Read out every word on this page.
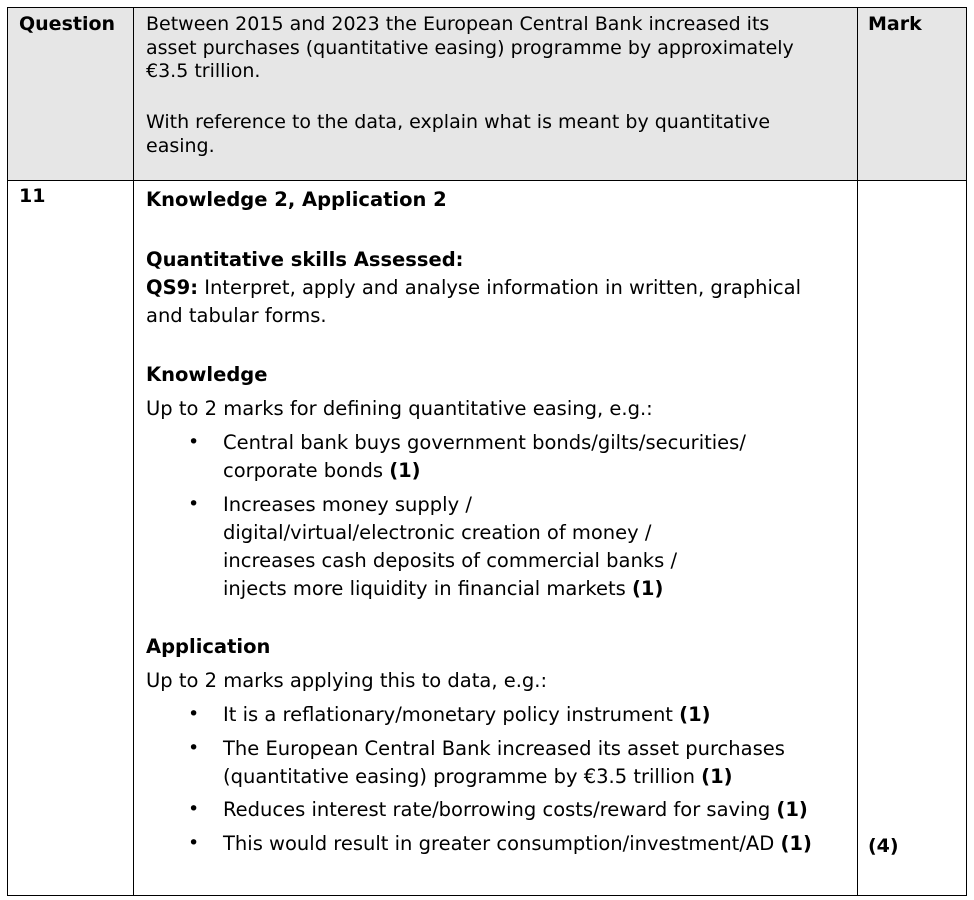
Question	Mark
Between 2015 and 2023 the European Central Bank increased its
asset purchases (quantitative easing) programme by approximately
€3.5 trillion.
With reference to the data, explain what is meant by quantitative
easing.
11
(4)
Knowledge 2, Application 2
Quantitative skills Assessed:
QS9: Interpret, apply and analyse information in written, graphical
and tabular forms.
Knowledge
Up to 2 marks for defining quantitative easing, e.g.:
• Central bank buys government bonds/gilts/securities/
corporate bonds (1)
• Increases money supply /
digital/virtual/electronic creation of money /
increases cash deposits of commercial banks /
injects more liquidity in financial markets (1)
Application
Up to 2 marks applying this to data, e.g.:
• It is a reflationary/monetary policy instrument (1)
• The European Central Bank increased its asset purchases
(quantitative easing) programme by €3.5 trillion (1)
• Reduces interest rate/borrowing costs/reward for saving (1)
• This would result in greater consumption/investment/AD (1)
